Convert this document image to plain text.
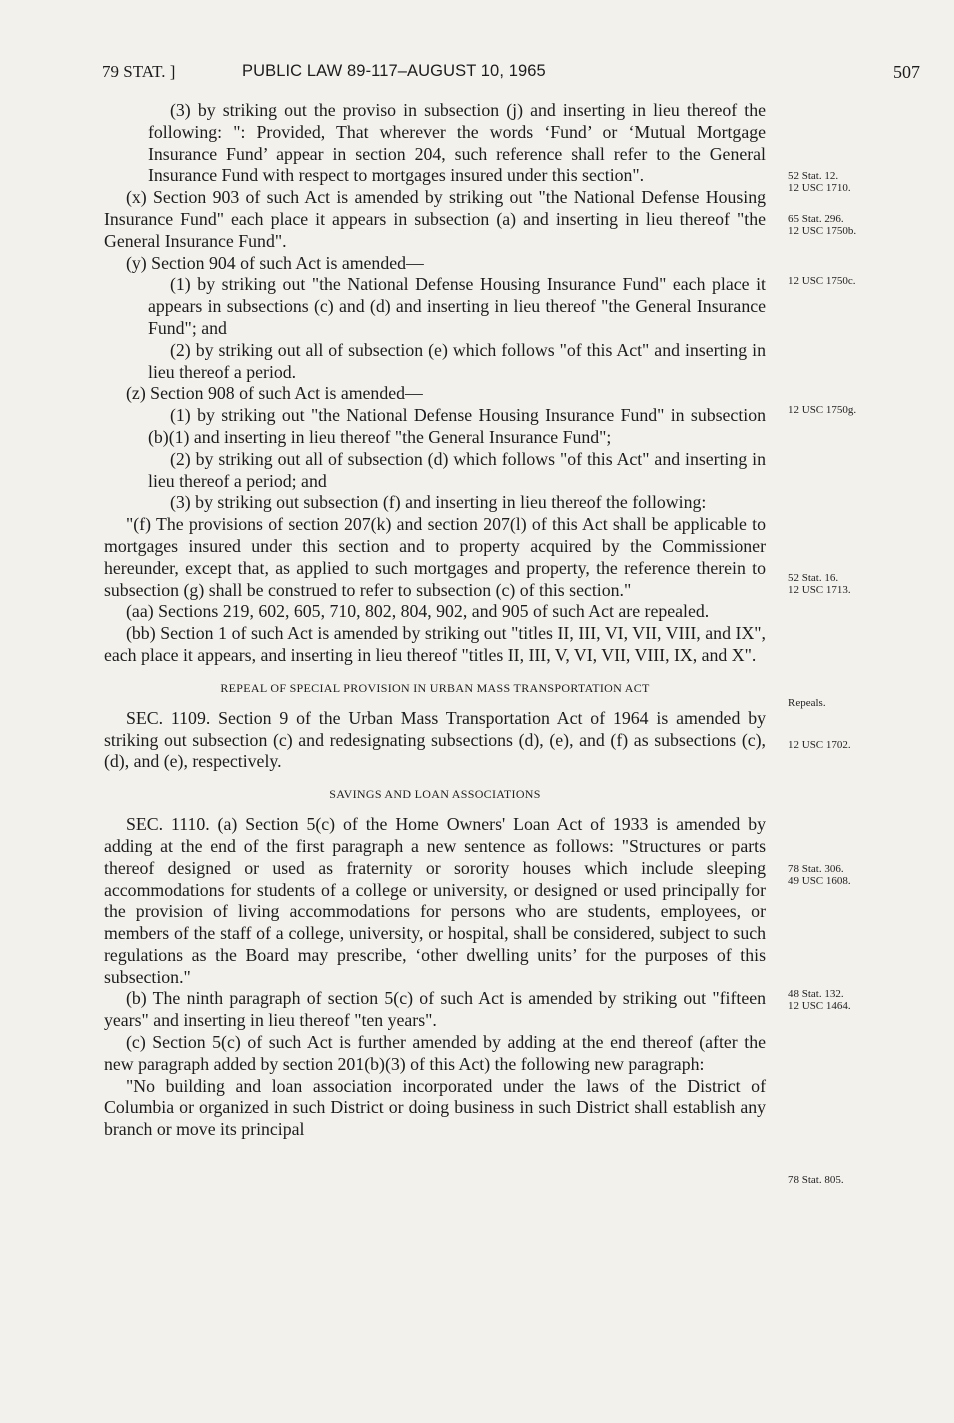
79 STAT. ]	PUBLIC LAW 89-117–AUGUST 10, 1965	507

(3) by striking out the proviso in subsection (j) and inserting in lieu thereof the following: ": Provided, That wherever the words ‘Fund’ or ‘Mutual Mortgage Insurance Fund’ appear in section 204, such reference shall refer to the General Insurance Fund with respect to mortgages insured under this section".

(x) Section 903 of such Act is amended by striking out "the National Defense Housing Insurance Fund" each place it appears in subsection (a) and inserting in lieu thereof "the General Insurance Fund".

(y) Section 904 of such Act is amended—

(1) by striking out "the National Defense Housing Insurance Fund" each place it appears in subsections (c) and (d) and inserting in lieu thereof "the General Insurance Fund"; and

(2) by striking out all of subsection (e) which follows "of this Act" and inserting in lieu thereof a period.

(z) Section 908 of such Act is amended—

(1) by striking out "the National Defense Housing Insurance Fund" in subsection (b)(1) and inserting in lieu thereof "the General Insurance Fund";

(2) by striking out all of subsection (d) which follows "of this Act" and inserting in lieu thereof a period; and

(3) by striking out subsection (f) and inserting in lieu thereof the following:

"(f) The provisions of section 207(k) and section 207(l) of this Act shall be applicable to mortgages insured under this section and to property acquired by the Commissioner hereunder, except that, as applied to such mortgages and property, the reference therein to subsection (g) shall be construed to refer to subsection (c) of this section."

(aa) Sections 219, 602, 605, 710, 802, 804, 902, and 905 of such Act are repealed.

(bb) Section 1 of such Act is amended by striking out "titles II, III, VI, VII, VIII, and IX", each place it appears, and inserting in lieu thereof "titles II, III, V, VI, VII, VIII, IX, and X".

REPEAL OF SPECIAL PROVISION IN URBAN MASS TRANSPORTATION ACT

SEC. 1109. Section 9 of the Urban Mass Transportation Act of 1964 is amended by striking out subsection (c) and redesignating subsections (d), (e), and (f) as subsections (c), (d), and (e), respectively.

SAVINGS AND LOAN ASSOCIATIONS

SEC. 1110. (a) Section 5(c) of the Home Owners' Loan Act of 1933 is amended by adding at the end of the first paragraph a new sentence as follows: "Structures or parts thereof designed or used as fraternity or sorority houses which include sleeping accommodations for students of a college or university, or designed or used principally for the provision of living accommodations for persons who are students, employees, or members of the staff of a college, university, or hospital, shall be considered, subject to such regulations as the Board may prescribe, ‘other dwelling units’ for the purposes of this subsection."

(b) The ninth paragraph of section 5(c) of such Act is amended by striking out "fifteen years" and inserting in lieu thereof "ten years".

(c) Section 5(c) of such Act is further amended by adding at the end thereof (after the new paragraph added by section 201(b)(3) of this Act) the following new paragraph:

"No building and loan association incorporated under the laws of the District of Columbia or organized in such District or doing business in such District shall establish any branch or move its principal

52 Stat. 12.
12 USC 1710.
65 Stat. 296.
12 USC 1750b.
12 USC 1750c.
12 USC 1750g.
52 Stat. 16.
12 USC 1713.
Repeals.
12 USC 1702.
78 Stat. 306.
49 USC 1608.
48 Stat. 132.
12 USC 1464.
78 Stat. 805.
